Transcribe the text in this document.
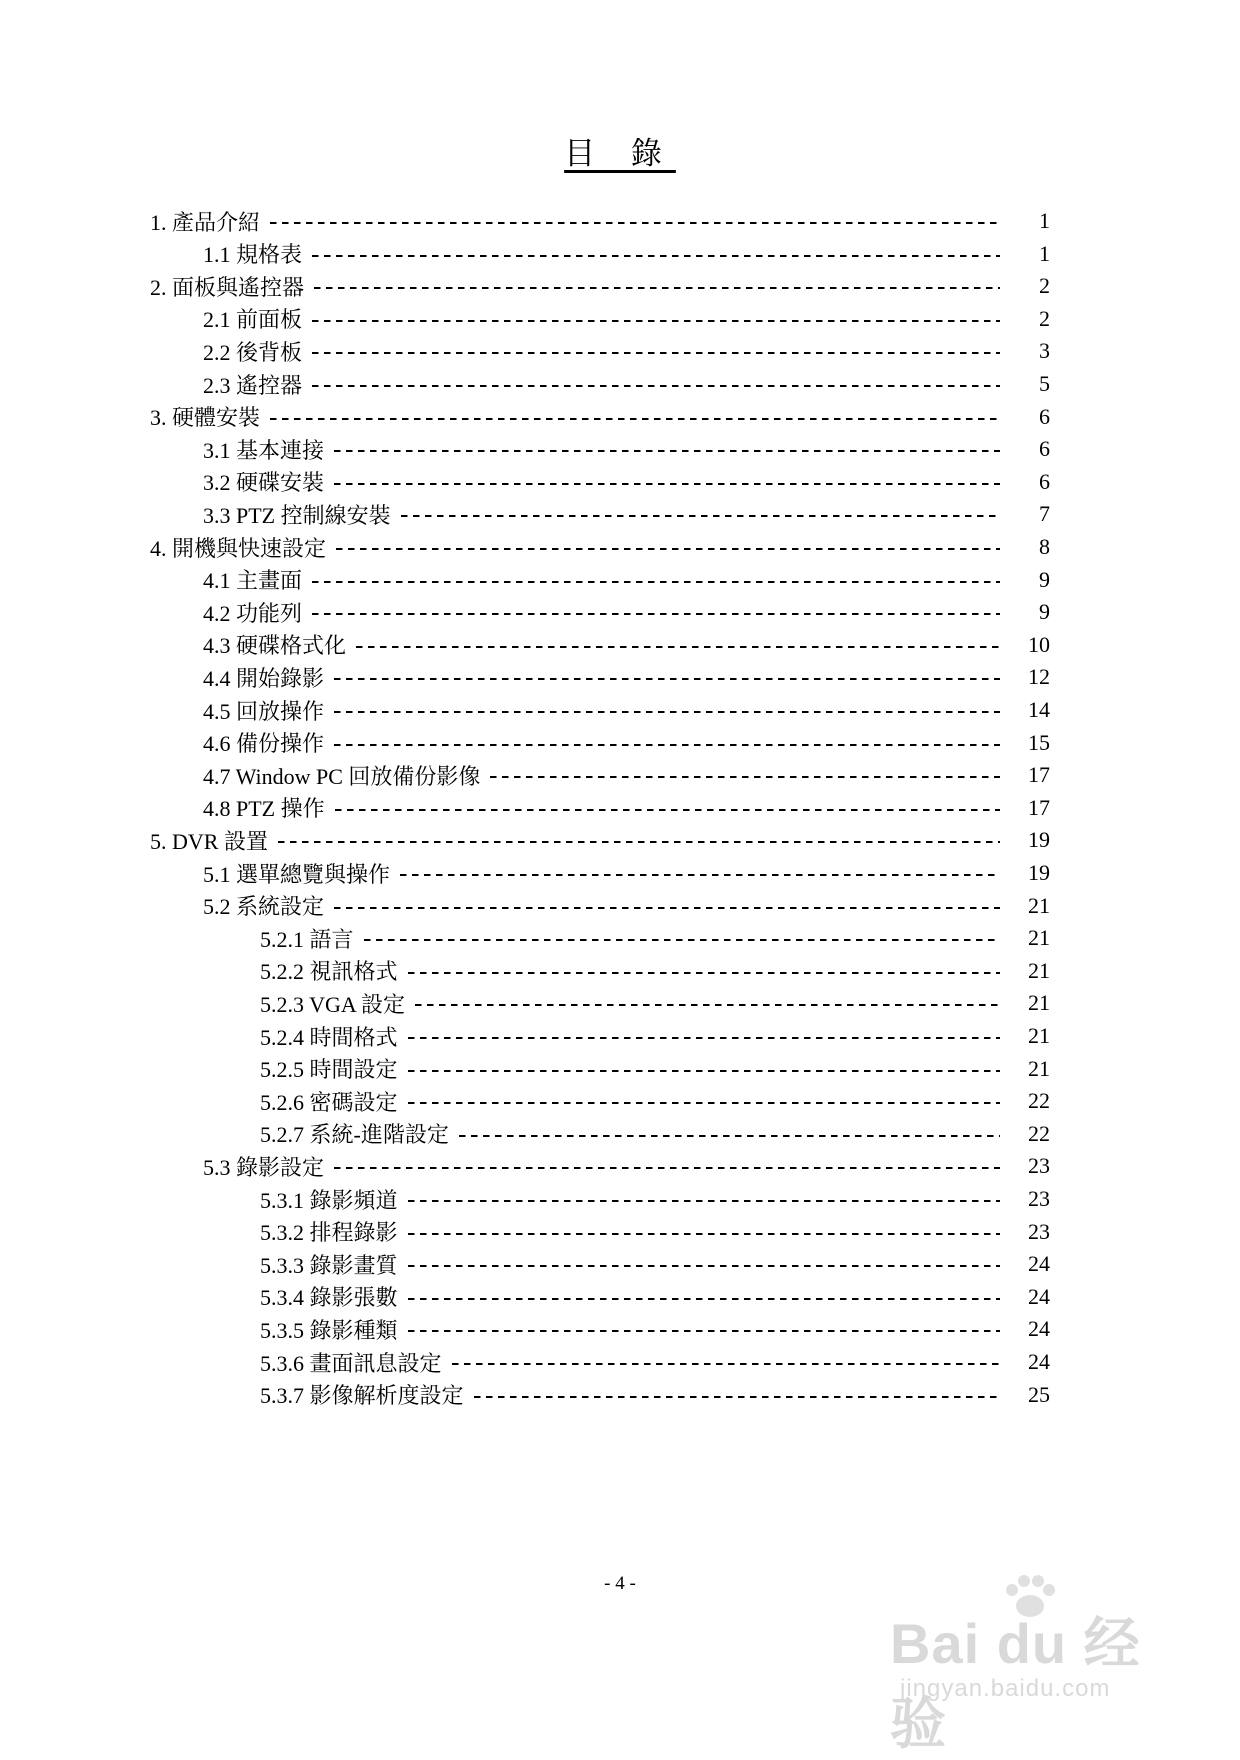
目 錄
1. 產品介紹	1
1.1 規格表	1
2. 面板與遙控器	2
2.1 前面板	2
2.2 後背板	3
2.3 遙控器	5
3. 硬體安裝	6
3.1 基本連接	6
3.2 硬碟安裝	6
3.3 PTZ 控制線安裝	7
4. 開機與快速設定	8
4.1 主畫面	9
4.2 功能列	9
4.3 硬碟格式化	10
4.4 開始錄影	12
4.5 回放操作	14
4.6 備份操作	15
4.7 Window PC 回放備份影像	17
4.8 PTZ 操作	17
5. DVR 設置	19
5.1 選單總覽與操作	19
5.2 系統設定	21
5.2.1 語言	21
5.2.2 視訊格式	21
5.2.3 VGA 設定	21
5.2.4 時間格式	21
5.2.5 時間設定	21
5.2.6 密碼設定	22
5.2.7 系統-進階設定	22
5.3 錄影設定	23
5.3.1 錄影頻道	23
5.3.2 排程錄影	23
5.3.3 錄影畫質	24
5.3.4 錄影張數	24
5.3.5 錄影種類	24
5.3.6 畫面訊息設定	24
5.3.7 影像解析度設定	25
- 4 -
Bai du 经验
jingyan.baidu.com
